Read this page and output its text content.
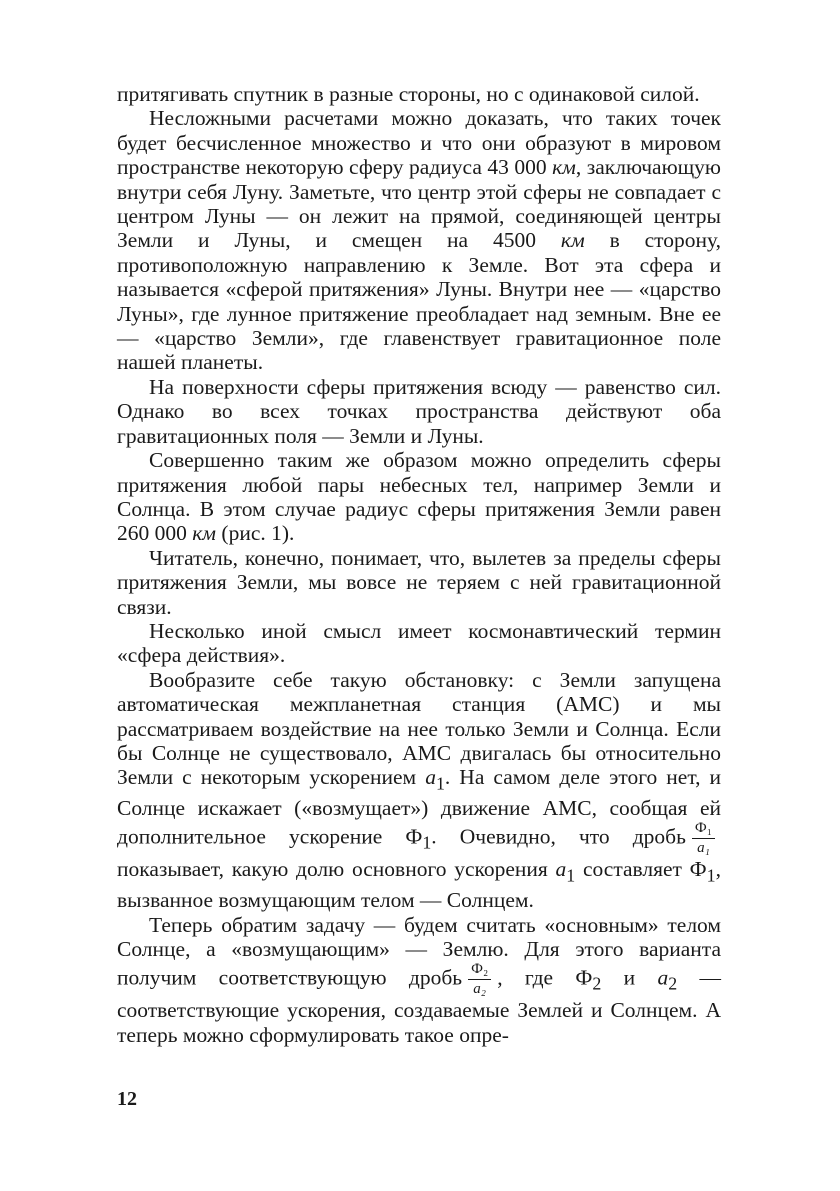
притягивать спутник в разные стороны, но с одинаковой силой.

Несложными расчетами можно доказать, что таких точек будет бесчисленное множество и что они образуют в мировом пространстве некоторую сферу радиуса 43 000 км, заключающую внутри себя Луну. Заметьте, что центр этой сферы не совпадает с центром Луны — он лежит на прямой, соединяющей центры Земли и Луны, и смещен на 4500 км в сторону, противоположную направлению к Земле. Вот эта сфера и называется «сферой притяжения» Луны. Внутри нее — «царство Луны», где лунное притяжение преобладает над земным. Вне ее — «царство Земли», где главенствует гравитационное поле нашей планеты.

На поверхности сферы притяжения всюду — равенство сил. Однако во всех точках пространства действуют оба гравитационных поля — Земли и Луны.

Совершенно таким же образом можно определить сферы притяжения любой пары небесных тел, например Земли и Солнца. В этом случае радиус сферы притяжения Земли равен 260 000 км (рис. 1).

Читатель, конечно, понимает, что, вылетев за пределы сферы притяжения Земли, мы вовсе не теряем с ней гравитационной связи.

Несколько иной смысл имеет космонавтический термин «сфера действия».

Вообразите себе такую обстановку: с Земли запущена автоматическая межпланетная станция (АМС) и мы рассматриваем воздействие на нее только Земли и Солнца. Если бы Солнце не существовало, АМС двигалась бы относительно Земли с некоторым ускорением $a_1$. На самом деле этого нет, и Солнце искажает («возмущает») движение АМС, сообщая ей дополнительное ускорение $Ф_1$. Очевидно, что дробь $\frac{\text{Ф₁}}{\text{a₁}}$
показывает, какую долю основного ускорения $a_1$ составляет $Ф_1$, вызванное возмущающим телом — Солнцем.

Теперь обратим задачу — будем считать «основным» телом Солнце, а «возмущающим» — Землю. Для этого варианта получим соответствующую дробь $\frac{\text{Ф₂}}{\text{a₂}}$ , где $Ф_2$ и $a_2$ — соответствующие ускорения, создаваемые Землей и Солнцем. А теперь можно сформулировать такое опре-

12
